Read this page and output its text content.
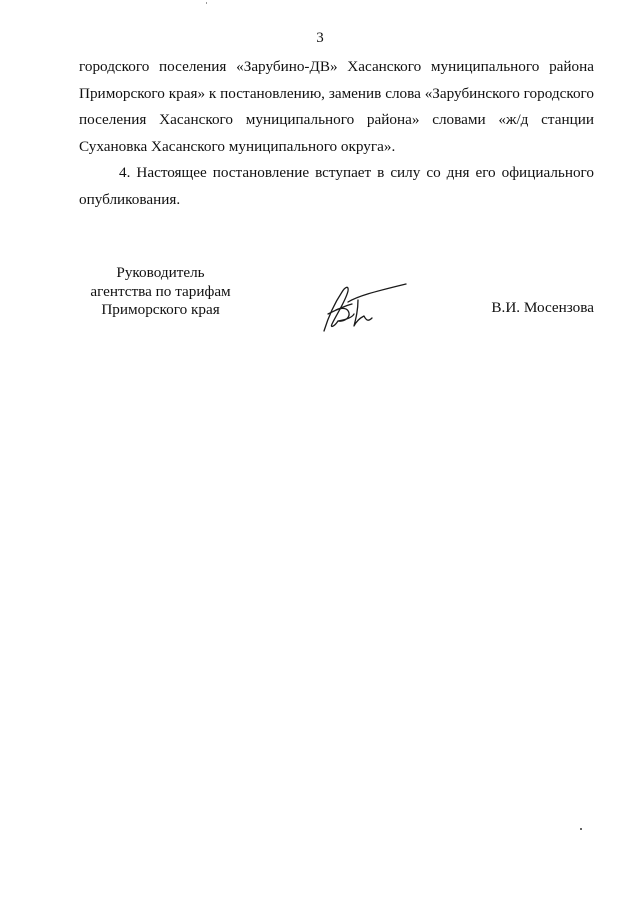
3

городского поселения «Зарубино-ДВ» Хасанского муниципального района Приморского края» к постановлению, заменив слова «Зарубинского городского поселения Хасанского муниципального района» словами «ж/д станции Сухановка Хасанского муниципального округа».

4. Настоящее постановление вступает в силу со дня его официального опубликования.

Руководитель
агентства по тарифам
Приморского края	В.И. Мосензова
